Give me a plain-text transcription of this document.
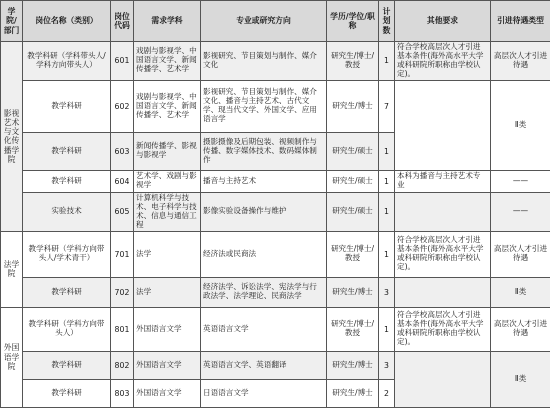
学院/部门	岗位名称（类别）	岗位代码	需求学科	专业或研究方向	学历/学位/职称	计划数	其他要求	引进待遇类型
影视艺术与文化传播学院	教学科研（学科带头人/学科方向带头人）	601	戏剧与影视学、中国语言文学、新闻传播学、艺术学	影视研究、节目策划与制作、媒介文化	研究生/博士/教授	1	符合学校高层次人才引进基本条件(海外高水平大学或科研院所职称由学校认定)。	高层次人才引进待遇
	教学科研	602	戏剧与影视学、中国语言文学、新闻传播学、艺术学	影视研究、节目策划与制作、媒介文化、播音与主持艺术、古代文学、现当代文学、外国文学、应用语言学	研究生/博士	7		Ⅱ类
	教学科研	603	新闻传播学、影视与影视学	摄影摄像及后期包装、视频制作与传播、数字媒体技术、数码媒体制作	研究生/硕士	1		
	教学科研	604	艺术学、戏剧与影视学	播音与主持艺术	研究生/硕士	1	本科为播音与主持艺术专业	——
	实验技术	605	计算机科学与技术、电子科学与技术、信息与通信工程	影像实验设备操作与维护	研究生/硕士	1		——
法学院	教学科研（学科方向带头人/学术青干）	701	法学	经济法或民商法	研究生/博士/教授	1	符合学校高层次人才引进基本条件(海外高水平大学或科研院所职称由学校认定)。	高层次人才引进待遇
	教学科研	702	法学	经济法学、诉讼法学、宪法学与行政法学、法学理论、民商法学	研究生/博士	3		Ⅱ类
外国语学院	教学科研（学科方向带头人）	801	外国语言文学	英语语言文学	研究生/博士/教授	1	符合学校高层次人才引进基本条件(海外高水平大学或科研院所职称由学校认定)。	高层次人才引进待遇
	教学科研	802	外国语言文学	英语语言文学、英语翻译	研究生/博士	3		Ⅱ类
	教学科研	803	外国语言文学	日语语言文学	研究生/博士	2		
